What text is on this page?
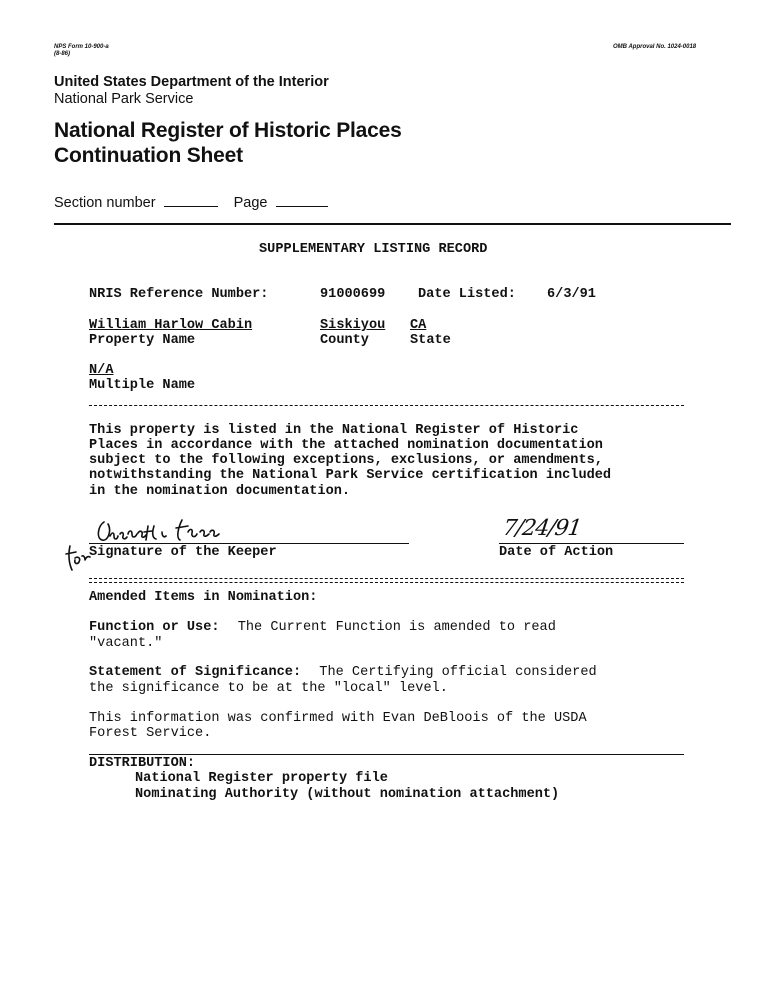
NPS Form 10-900-a
(8-86)
OMB Approval No. 1024-0018
United States Department of the Interior
National Park Service
National Register of Historic Places
Continuation Sheet
Section number	Page
SUPPLEMENTARY LISTING RECORD
NRIS Reference Number:	91000699 Date Listed: 6/3/91
William Harlow Cabin	Siskiyou CA
Property Name	County	State
N/A
Multiple Name
This property is listed in the National Register of Historic
Places in accordance with the attached nomination documentation
subject to the following exceptions, exclusions, or amendments,
notwithstanding the National Park Service certification included
in the nomination documentation.
Signature of the Keeper
7/24/91
Date of Action
Amended Items in Nomination:
Function or Use: The Current Function is amended to read
"vacant."
Statement of Significance: The Certifying official considered
the significance to be at the "local" level.
This information was confirmed with Evan DeBloois of the USDA
Forest Service.
DISTRIBUTION:
National Register property file
Nominating Authority (without nomination attachment)
